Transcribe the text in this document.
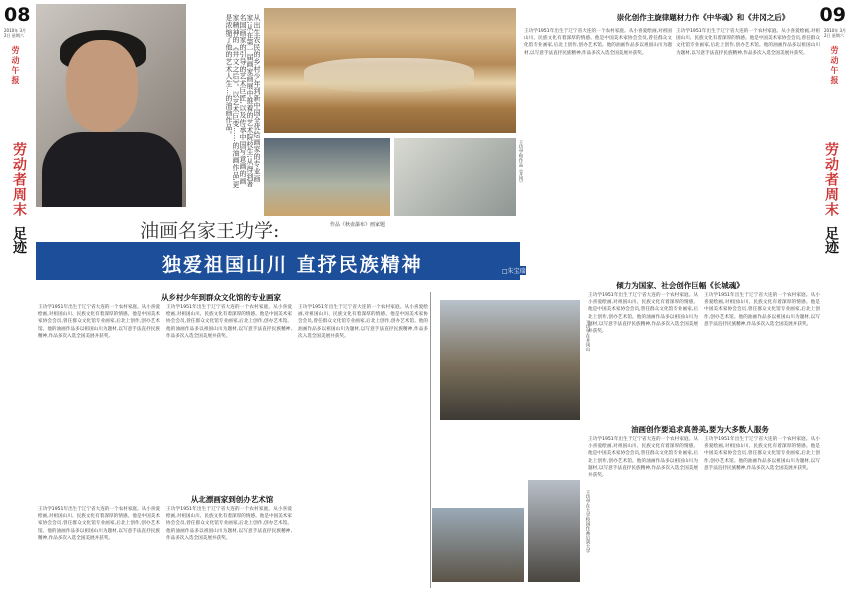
08
2010年 3月2日 星期六
劳动午报
劳动者周末
足迹
09
2010年 3月2日 星期六
劳动午报
劳动者周末
足迹
从出生农民的乡村少年到新中国全优绘画家的专业画家;从在第一届画家画展中推着的艺术院校生;从得到著名国画家的引导的艺术巨匠,以及传承中国写意画的画家精神的《井文之后》。以艺术巨变……的油画作品,更是浓缩了他的艺术人生…的油画作品。
作品《秋壶瀑布》画家题
王功学和作品《井冈》
油画名家王功学:
独爱祖国山川 直抒民族精神	□朱宝瑞
从乡村少年到群众文化馆的专业画家
王功学1951年出生于辽宁省大连的一个农村家庭。从小喜爱绘画,对祖国山川、民族文化有着深厚的情感。他是中国美术家协会会员,曾任群众文化馆专业画家,后北上创作,创办艺术馆。他的油画作品多以祖国山川为题材,以写意手法直抒民族精神,作品多次入选全国美展并获奖。
王功学1951年出生于辽宁省大连的一个农村家庭。从小喜爱绘画,对祖国山川、民族文化有着深厚的情感。他是中国美术家协会会员,曾任群众文化馆专业画家,后北上创作,创办艺术馆。他的油画作品多以祖国山川为题材,以写意手法直抒民族精神,作品多次入选全国美展并获奖。
王功学1951年出生于辽宁省大连的一个农村家庭。从小喜爱绘画,对祖国山川、民族文化有着深厚的情感。他是中国美术家协会会员,曾任群众文化馆专业画家,后北上创作,创办艺术馆。他的油画作品多以祖国山川为题材,以写意手法直抒民族精神,作品多次入选全国美展并获奖。
从北漂画家到创办艺术馆
王功学1951年出生于辽宁省大连的一个农村家庭。从小喜爱绘画,对祖国山川、民族文化有着深厚的情感。他是中国美术家协会会员,曾任群众文化馆专业画家,后北上创作,创办艺术馆。他的油画作品多以祖国山川为题材,以写意手法直抒民族精神,作品多次入选全国美展并获奖。
王功学1951年出生于辽宁省大连的一个农村家庭。从小喜爱绘画,对祖国山川、民族文化有着深厚的情感。他是中国美术家协会会员,曾任群众文化馆专业画家,后北上创作,创办艺术馆。他的油画作品多以祖国山川为题材,以写意手法直抒民族精神,作品多次入选全国美展并获奖。
王功学在井冈山
王功学在大学校园作画后到大学
崇化创作主旋律题材力作《中华魂》和《井冈之后》
王功学1951年出生于辽宁省大连的一个农村家庭。从小喜爱绘画,对祖国山川、民族文化有着深厚的情感。他是中国美术家协会会员,曾任群众文化馆专业画家,后北上创作,创办艺术馆。他的油画作品多以祖国山川为题材,以写意手法直抒民族精神,作品多次入选全国美展并获奖。
王功学1951年出生于辽宁省大连的一个农村家庭。从小喜爱绘画,对祖国山川、民族文化有着深厚的情感。他是中国美术家协会会员,曾任群众文化馆专业画家,后北上创作,创办艺术馆。他的油画作品多以祖国山川为题材,以写意手法直抒民族精神,作品多次入选全国美展并获奖。
倾力为国家、社会创作巨幅《长城魂》
王功学1951年出生于辽宁省大连的一个农村家庭。从小喜爱绘画,对祖国山川、民族文化有着深厚的情感。他是中国美术家协会会员,曾任群众文化馆专业画家,后北上创作,创办艺术馆。他的油画作品多以祖国山川为题材,以写意手法直抒民族精神,作品多次入选全国美展并获奖。
王功学1951年出生于辽宁省大连的一个农村家庭。从小喜爱绘画,对祖国山川、民族文化有着深厚的情感。他是中国美术家协会会员,曾任群众文化馆专业画家,后北上创作,创办艺术馆。他的油画作品多以祖国山川为题材,以写意手法直抒民族精神,作品多次入选全国美展并获奖。
油画创作要追求真善美,要为大多数人服务
王功学1951年出生于辽宁省大连的一个农村家庭。从小喜爱绘画,对祖国山川、民族文化有着深厚的情感。他是中国美术家协会会员,曾任群众文化馆专业画家,后北上创作,创办艺术馆。他的油画作品多以祖国山川为题材,以写意手法直抒民族精神,作品多次入选全国美展并获奖。
王功学1951年出生于辽宁省大连的一个农村家庭。从小喜爱绘画,对祖国山川、民族文化有着深厚的情感。他是中国美术家协会会员,曾任群众文化馆专业画家,后北上创作,创办艺术馆。他的油画作品多以祖国山川为题材,以写意手法直抒民族精神,作品多次入选全国美展并获奖。
